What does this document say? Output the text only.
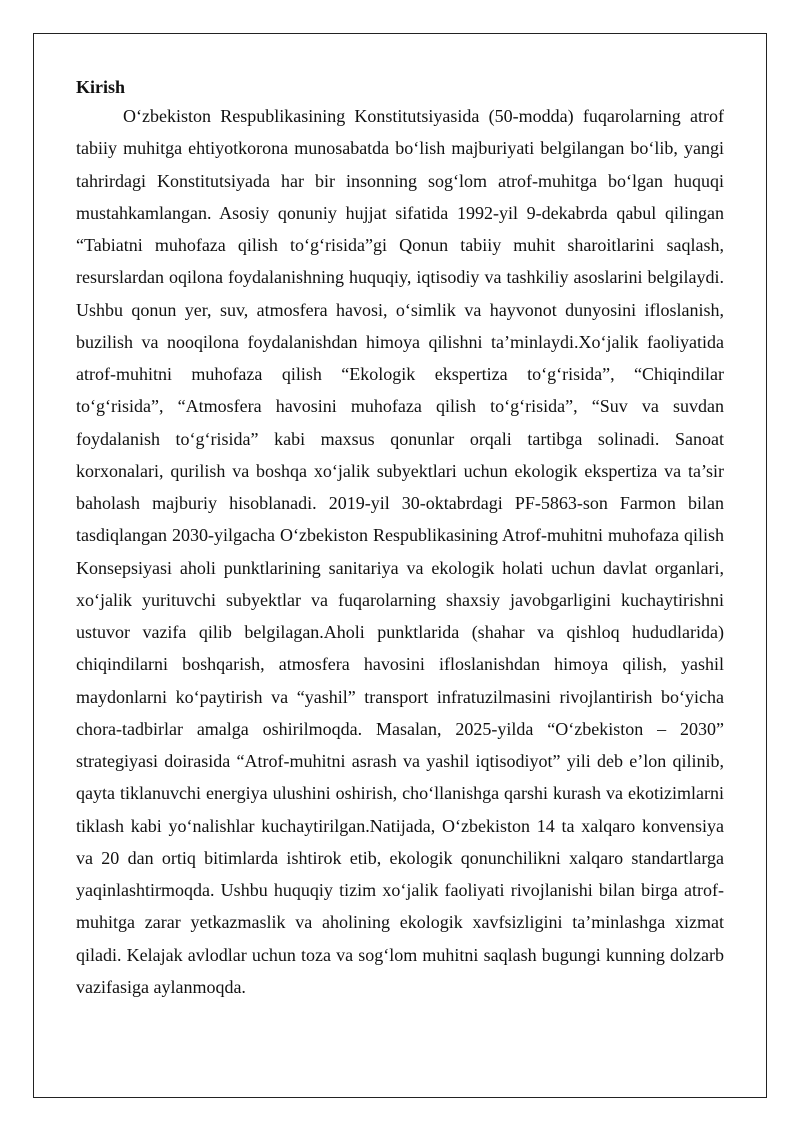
Kirish

O‘zbekiston Respublikasining Konstitutsiyasida (50-modda) fuqarolarning atrof tabiiy muhitga ehtiyotkorona munosabatda bo‘lish majburiyati belgilangan bo‘lib, yangi tahrirdagi Konstitutsiyada har bir insonning sog‘lom atrof-muhitga bo‘lgan huquqi mustahkamlangan. Asosiy qonuniy hujjat sifatida 1992-yil 9-dekabrda qabul qilingan “Tabiatni muhofaza qilish to‘g‘risida”gi Qonun tabiiy muhit sharoitlarini saqlash, resurslardan oqilona foydalanishning huquqiy, iqtisodiy va tashkiliy asoslarini belgilaydi. Ushbu qonun yer, suv, atmosfera havosi, o‘simlik va hayvonot dunyosini ifloslanish, buzilish va nooqilona foydalanishdan himoya qilishni ta’minlaydi.Xo‘jalik faoliyatida atrof-muhitni muhofaza qilish “Ekologik ekspertiza to‘g‘risida”, “Chiqindilar to‘g‘risida”, “Atmosfera havosini muhofaza qilish to‘g‘risida”, “Suv va suvdan foydalanish to‘g‘risida” kabi maxsus qonunlar orqali tartibga solinadi. Sanoat korxonalari, qurilish va boshqa xo‘jalik subyektlari uchun ekologik ekspertiza va ta’sir baholash majburiy hisoblanadi. 2019-yil 30-oktabrdagi PF-5863-son Farmon bilan tasdiqlangan 2030-yilgacha O‘zbekiston Respublikasining Atrof-muhitni muhofaza qilish Konsepsiyasi aholi punktlarining sanitariya va ekologik holati uchun davlat organlari, xo‘jalik yurituvchi subyektlar va fuqarolarning shaxsiy javobgarligini kuchaytirishni ustuvor vazifa qilib belgilagan.Aholi punktlarida (shahar va qishloq hududlarida) chiqindilarni boshqarish, atmosfera havosini ifloslanishdan himoya qilish, yashil maydonlarni ko‘paytirish va “yashil” transport infratuzilmasini rivojlantirish bo‘yicha chora-tadbirlar amalga oshirilmoqda. Masalan, 2025-yilda “O‘zbekiston – 2030” strategiyasi doirasida “Atrof-muhitni asrash va yashil iqtisodiyot” yili deb e’lon qilinib, qayta tiklanuvchi energiya ulushini oshirish, cho‘llanishga qarshi kurash va ekotizimlarni tiklash kabi yo‘nalishlar kuchaytirilgan.Natijada, O‘zbekiston 14 ta xalqaro konvensiya va 20 dan ortiq bitimlarda ishtirok etib, ekologik qonunchilikni xalqaro standartlarga yaqinlashtirmoqda. Ushbu huquqiy tizim xo‘jalik faoliyati rivojlanishi bilan birga atrof-muhitga zarar yetkazmaslik va aholining ekologik xavfsizligini ta’minlashga xizmat qiladi. Kelajak avlodlar uchun toza va sog‘lom muhitni saqlash bugungi kunning dolzarb vazifasiga aylanmoqda.
